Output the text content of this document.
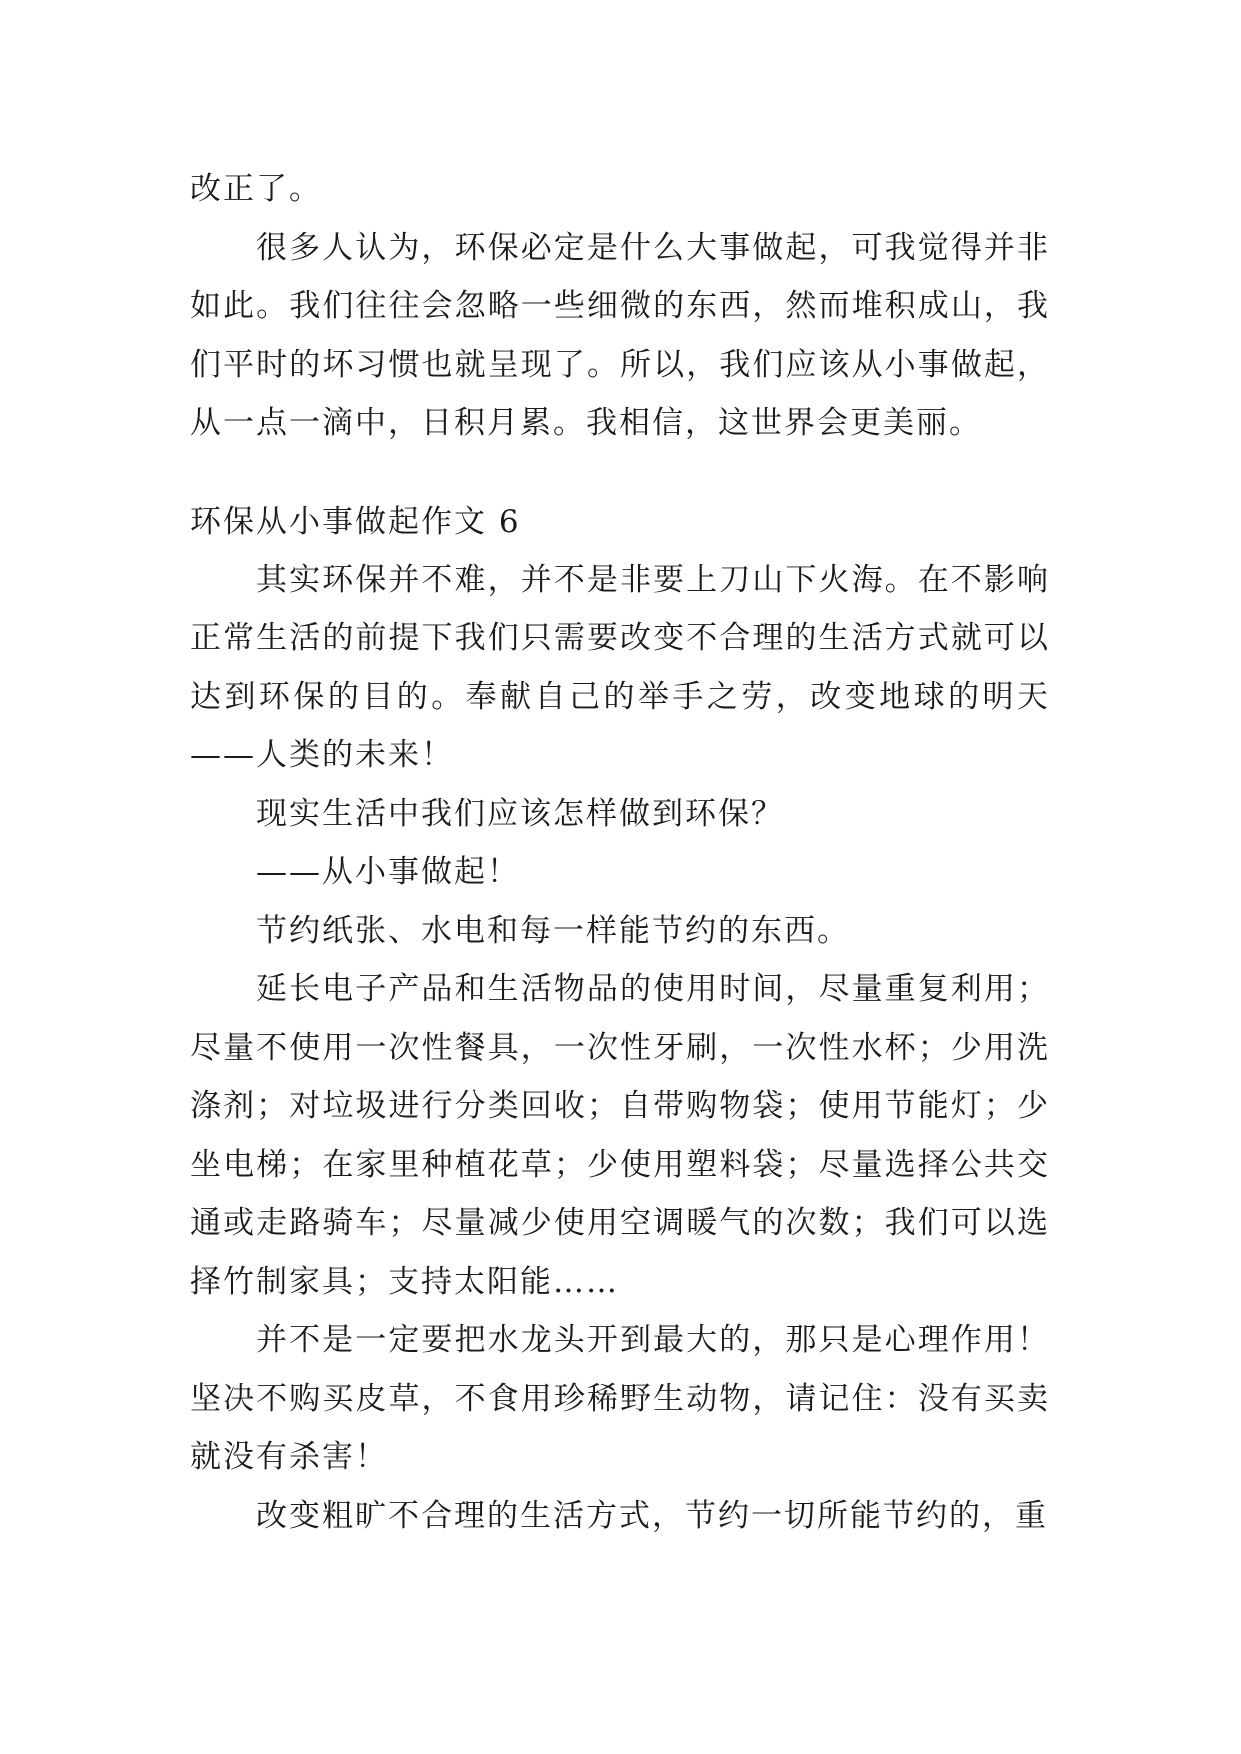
改正了。

很多人认为，环保必定是什么大事做起，可我觉得并非如此。我们往往会忽略一些细微的东西，然而堆积成山，我们平时的坏习惯也就呈现了。所以，我们应该从小事做起，从一点一滴中，日积月累。我相信，这世界会更美丽。

环保从小事做起作文 6

其实环保并不难，并不是非要上刀山下火海。在不影响正常生活的前提下我们只需要改变不合理的生活方式就可以达到环保的目的。奉献自己的举手之劳，改变地球的明天——人类的未来！

现实生活中我们应该怎样做到环保？

——从小事做起！

节约纸张、水电和每一样能节约的东西。

延长电子产品和生活物品的使用时间，尽量重复利用；尽量不使用一次性餐具，一次性牙刷，一次性水杯；少用洗涤剂；对垃圾进行分类回收；自带购物袋；使用节能灯；少坐电梯；在家里种植花草；少使用塑料袋；尽量选择公共交通或走路骑车；尽量减少使用空调暖气的次数；我们可以选择竹制家具；支持太阳能……

并不是一定要把水龙头开到最大的，那只是心理作用！坚决不购买皮草，不食用珍稀野生动物，请记住：没有买卖就没有杀害！

改变粗旷不合理的生活方式，节约一切所能节约的，重
